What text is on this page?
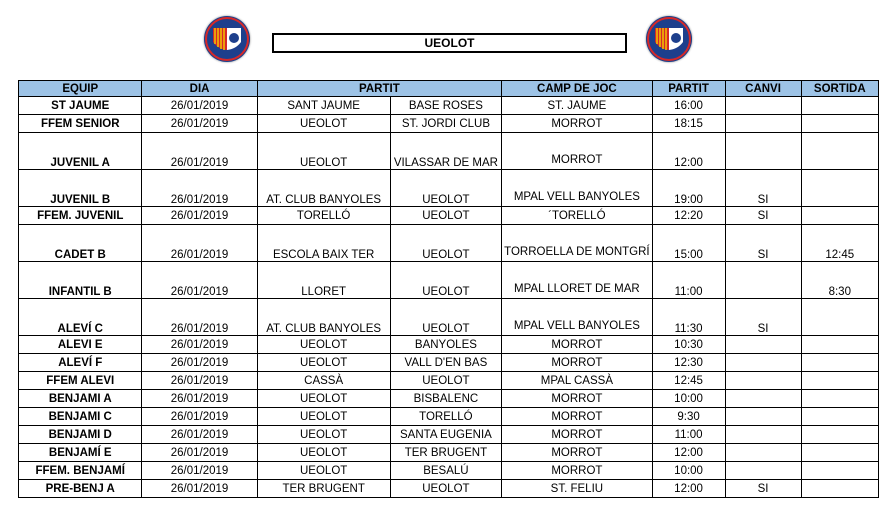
UEOLOT
EQUIP	DIA	PARTIT		CAMP DE JOC	PARTIT	CANVI	SORTIDA
ST JAUME	26/01/2019	SANT JAUME	BASE ROSES	ST. JAUME	16:00		
FFEM SENIOR	26/01/2019	UEOLOT	ST. JORDI CLUB	MORROT	18:15		
JUVENIL A	26/01/2019	UEOLOT	VILASSAR DE MAR	MORROT	12:00		
JUVENIL B	26/01/2019	AT. CLUB BANYOLES	UEOLOT	MPAL VELL BANYOLES	19:00	SI	
FFEM. JUVENIL	26/01/2019	TORELLÓ	UEOLOT	´TORELLÓ	12:20	SI	
CADET B	26/01/2019	ESCOLA BAIX TER	UEOLOT	TORROELLA DE MONTGRÍ	15:00	SI	12:45
INFANTIL B	26/01/2019	LLORET	UEOLOT	MPAL LLORET DE MAR	11:00		8:30
ALEVÍ C	26/01/2019	AT. CLUB BANYOLES	UEOLOT	MPAL VELL BANYOLES	11:30	SI	
ALEVI E	26/01/2019	UEOLOT	BANYOLES	MORROT	10:30		
ALEVÍ F	26/01/2019	UEOLOT	VALL D'EN BAS	MORROT	12:30		
FFEM ALEVI	26/01/2019	CASSÀ	UEOLOT	MPAL CASSÀ	12:45		
BENJAMI A	26/01/2019	UEOLOT	BISBALENC	MORROT	10:00		
BENJAMI C	26/01/2019	UEOLOT	TORELLÓ	MORROT	9:30		
BENJAMI D	26/01/2019	UEOLOT	SANTA EUGENIA	MORROT	11:00		
BENJAMÍ E	26/01/2019	UEOLOT	TER BRUGENT	MORROT	12:00		
FFEM. BENJAMÍ	26/01/2019	UEOLOT	BESALÚ	MORROT	10:00		
PRE-BENJ A	26/01/2019	TER BRUGENT	UEOLOT	ST. FELIU	12:00	SI	
